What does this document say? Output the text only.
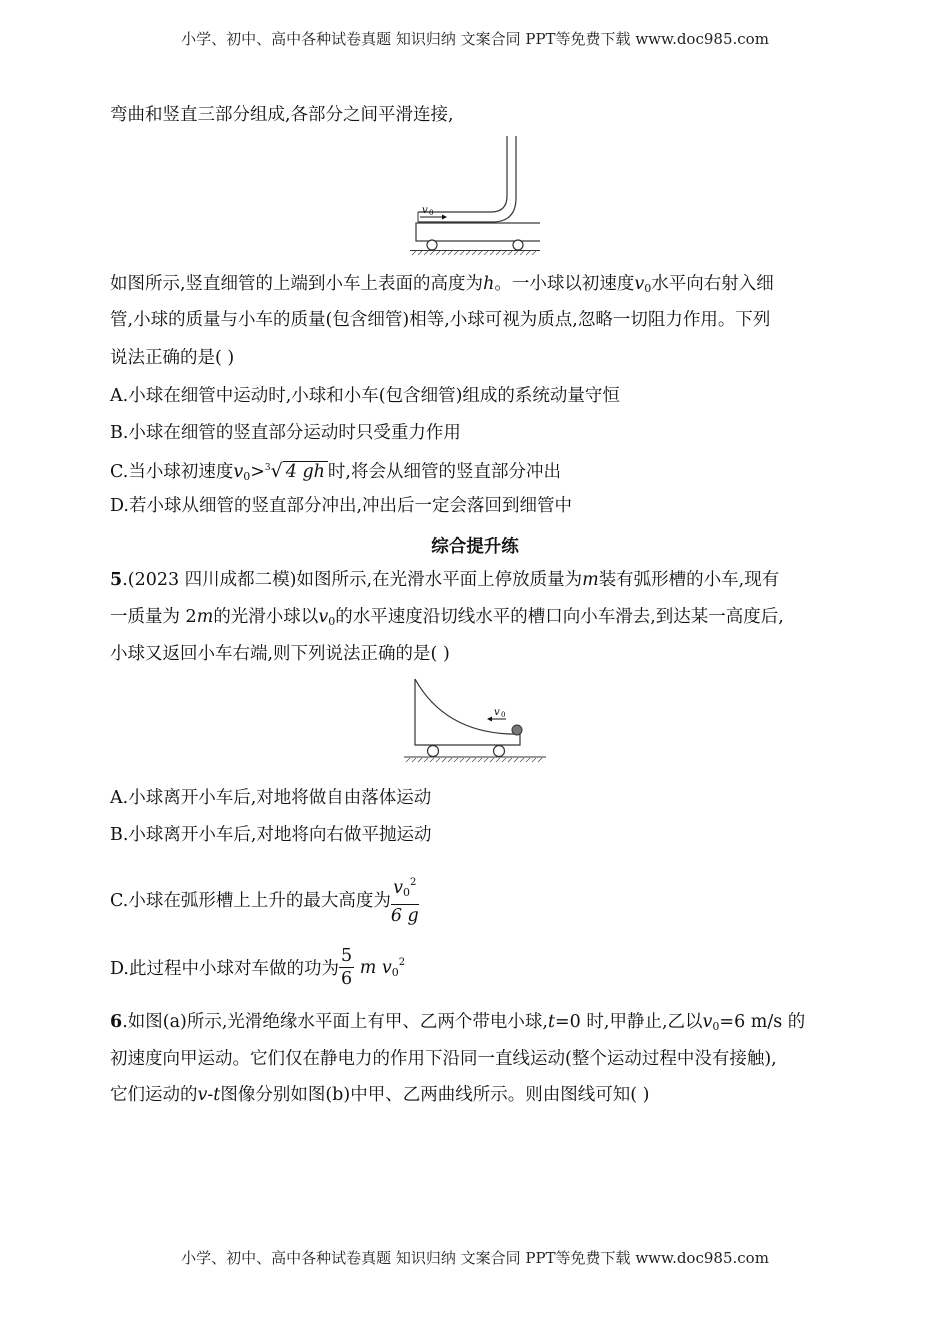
小学、初中、高中各种试卷真题 知识归纳 文案合同 PPT等免费下载 www.doc985.com
弯曲和竖直三部分组成,各部分之间平滑连接,
v 0
如图所示,竖直细管的上端到小车上表面的高度为h。一小球以初速度$v_0$水平向右射入细
管,小球的质量与小车的质量(包含细管)相等,小球可视为质点,忽略一切阻力作用。下列
说法正确的是( )
A.小球在细管中运动时,小球和小车(包含细管)组成的系统动量守恒
B.小球在细管的竖直部分运动时只受重力作用
C.当小球初速度$v_0>^3√$ 4 gh 时,将会从细管的竖直部分冲出
D.若小球从细管的竖直部分冲出,冲出后一定会落回到细管中
综合提升练
5.(2023 四川成都二模)如图所示,在光滑水平面上停放质量为m装有弧形槽的小车,现有
一质量为 2m的光滑小球以$v_0$的水平速度沿切线水平的槽口向小车滑去,到达某一高度后,
小球又返回小车右端,则下列说法正确的是( )
v 0
A.小球离开小车后,对地将做自由落体运动
B.小球离开小车后,对地将向右做平抛运动
C.小球在弧形槽上上升的最大高度为 $\frac{v_0^2}{6 g}$
D.此过程中小球对车做的功为 $\frac{5}{6}$ m $v_0^2$
6.如图(a)所示,光滑绝缘水平面上有甲、乙两个带电小球,t=0 时,甲静止,乙以$v_0=6$ m/s 的
初速度向甲运动。它们仅在静电力的作用下沿同一直线运动(整个运动过程中没有接触),
它们运动的v-t图像分别如图(b)中甲、乙两曲线所示。则由图线可知( )
小学、初中、高中各种试卷真题 知识归纳 文案合同 PPT等免费下载 www.doc985.com
